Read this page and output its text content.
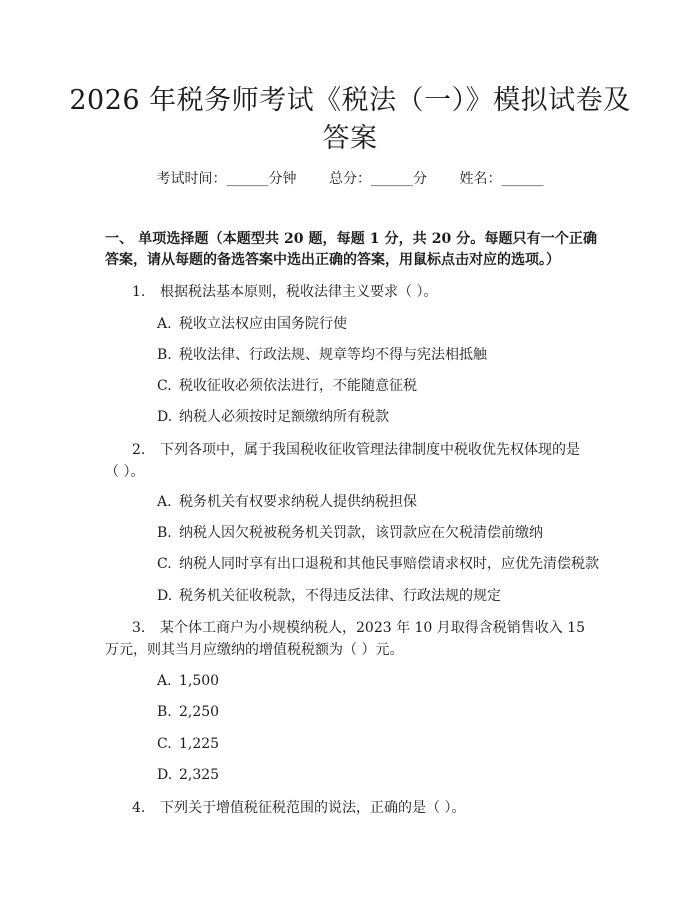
2026 年税务师考试《税法（一）》模拟试卷及答案
考试时间：______分钟 总分：______分 姓名：______
一、 单项选择题（本题型共 20 题，每题 1 分，共 20 分。每题只有一个正确答案，请从每题的备选答案中选出正确的答案，用鼠标点击对应的选项。）
1. 根据税法基本原则，税收法律主义要求（ ）。
A. 税收立法权应由国务院行使
B. 税收法律、行政法规、规章等均不得与宪法相抵触
C. 税收征收必须依法进行，不能随意征税
D. 纳税人必须按时足额缴纳所有税款
2. 下列各项中，属于我国税收征收管理法律制度中税收优先权体现的是（ ）。
A. 税务机关有权要求纳税人提供纳税担保
B. 纳税人因欠税被税务机关罚款，该罚款应在欠税清偿前缴纳
C. 纳税人同时享有出口退税和其他民事赔偿请求权时，应优先清偿税款
D. 税务机关征收税款，不得违反法律、行政法规的规定
3. 某个体工商户为小规模纳税人，2023 年 10 月取得含税销售收入 15 万元，则其当月应缴纳的增值税税额为（ ）元。
A. 1,500
B. 2,250
C. 1,225
D. 2,325
4. 下列关于增值税征税范围的说法，正确的是（ ）。
